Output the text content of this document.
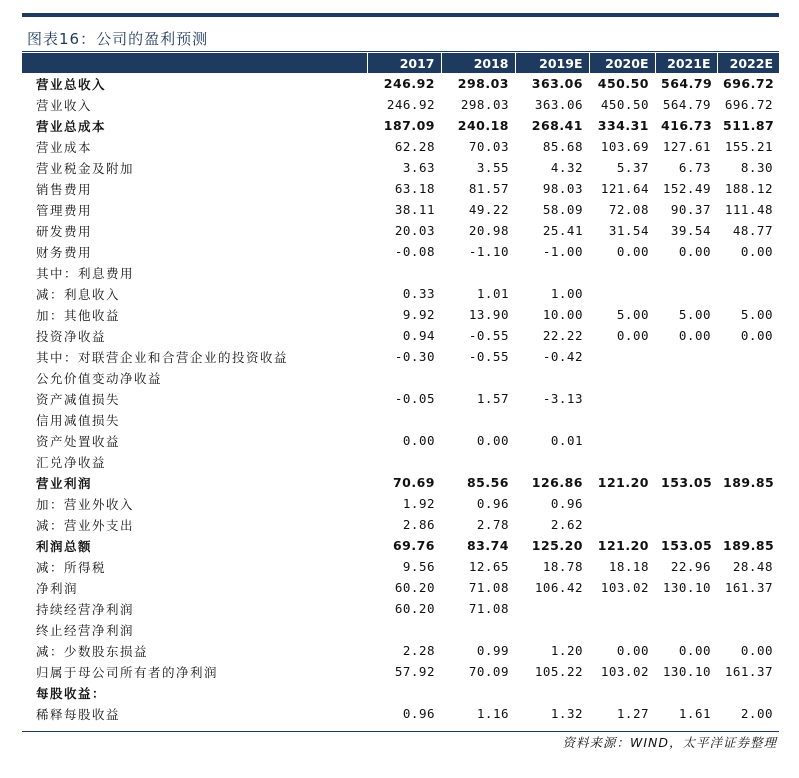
图表16：公司的盈利预测
	2017	2018	2019E	2020E	2021E	2022E
营业总收入	246.92	298.03	363.06	450.50	564.79	696.72
营业收入	246.92	298.03	363.06	450.50	564.79	696.72
营业总成本	187.09	240.18	268.41	334.31	416.73	511.87
营业成本	62.28	70.03	85.68	103.69	127.61	155.21
营业税金及附加	3.63	3.55	4.32	5.37	6.73	8.30
销售费用	63.18	81.57	98.03	121.64	152.49	188.12
管理费用	38.11	49.22	58.09	72.08	90.37	111.48
研发费用	20.03	20.98	25.41	31.54	39.54	48.77
财务费用	-0.08	-1.10	-1.00	0.00	0.00	0.00
其中：利息费用						
减：利息收入	0.33	1.01	1.00			
加：其他收益	9.92	13.90	10.00	5.00	5.00	5.00
投资净收益	0.94	-0.55	22.22	0.00	0.00	0.00
其中：对联营企业和合营企业的投资收益	-0.30	-0.55	-0.42			
公允价值变动净收益						
资产减值损失	-0.05	1.57	-3.13			
信用减值损失						
资产处置收益	0.00	0.00	0.01			
汇兑净收益						
营业利润	70.69	85.56	126.86	121.20	153.05	189.85
加：营业外收入	1.92	0.96	0.96			
减：营业外支出	2.86	2.78	2.62			
利润总额	69.76	83.74	125.20	121.20	153.05	189.85
减：所得税	9.56	12.65	18.78	18.18	22.96	28.48
净利润	60.20	71.08	106.42	103.02	130.10	161.37
持续经营净利润	60.20	71.08				
终止经营净利润						
减：少数股东损益	2.28	0.99	1.20	0.00	0.00	0.00
归属于母公司所有者的净利润	57.92	70.09	105.22	103.02	130.10	161.37
每股收益：						
稀释每股收益	0.96	1.16	1.32	1.27	1.61	2.00
资料来源：WIND，太平洋证券整理
